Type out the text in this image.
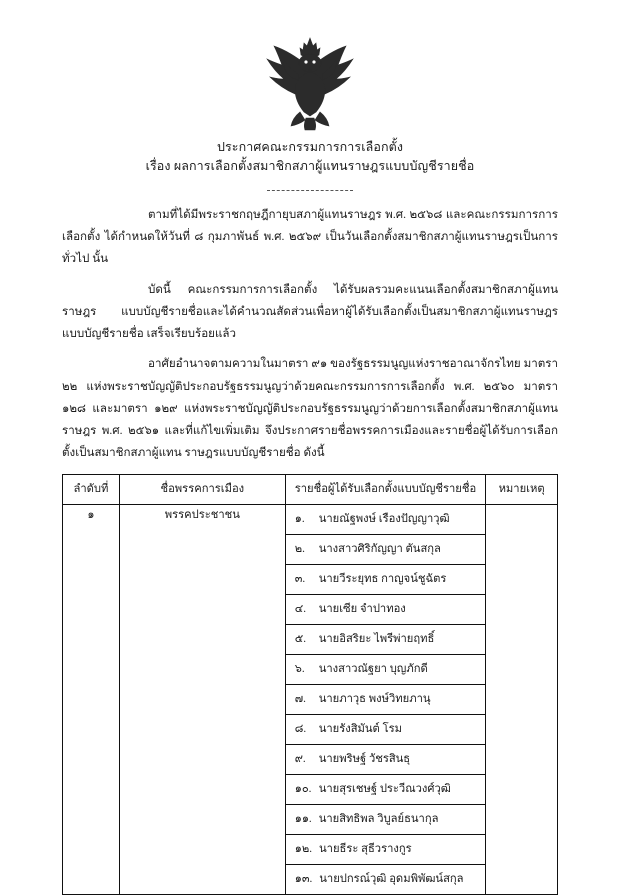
ประกาศคณะกรรมการการเลือกตั้ง
เรื่อง ผลการเลือกตั้งสมาชิกสภาผู้แทนราษฎรแบบบัญชีรายชื่อ

ตามที่ได้มีพระราชกฤษฎีกายุบสภาผู้แทนราษฎร พ.ศ. ๒๕๖๘ และคณะกรรมการการเลือกตั้ง ได้กำหนดให้วันที่ ๘ กุมภาพันธ์ พ.ศ. ๒๕๖๙ เป็นวันเลือกตั้งสมาชิกสภาผู้แทนราษฎรเป็นการทั่วไป นั้น

บัดนี้ คณะกรรมการการเลือกตั้ง ได้รับผลรวมคะแนนเลือกตั้งสมาชิกสภาผู้แทนราษฎร แบบบัญชีรายชื่อและได้คำนวณสัดส่วนเพื่อหาผู้ได้รับเลือกตั้งเป็นสมาชิกสภาผู้แทนราษฎรแบบบัญชีรายชื่อ เสร็จเรียบร้อยแล้ว

อาศัยอำนาจตามความในมาตรา ๙๑ ของรัฐธรรมนูญแห่งราชอาณาจักรไทย มาตรา ๒๒ แห่งพระราชบัญญัติประกอบรัฐธรรมนูญว่าด้วยคณะกรรมการการเลือกตั้ง พ.ศ. ๒๕๖๐ มาตรา ๑๒๘ และมาตรา ๑๒๙ แห่งพระราชบัญญัติประกอบรัฐธรรมนูญว่าด้วยการเลือกตั้งสมาชิกสภาผู้แทนราษฎร พ.ศ. ๒๕๖๑ และที่แก้ไขเพิ่มเติม จึงประกาศรายชื่อพรรคการเมืองและรายชื่อผู้ได้รับการเลือกตั้งเป็นสมาชิกสภาผู้แทน ราษฎรแบบบัญชีรายชื่อ ดังนี้

ลำดับที่	ชื่อพรรคการเมือง	รายชื่อผู้ได้รับเลือกตั้งแบบบัญชีรายชื่อ	หมายเหตุ
๑	พรรคประชาชน	๑. นายณัฐพงษ์ เรืองปัญญาวุฒิ
๒. นางสาวศิริกัญญา ตันสกุล
๓. นายวีระยุทธ กาญจน์ชูฉัตร
๔. นายเซีย จำปาทอง
๕. นายอิสริยะ ไพรีพ่ายฤทธิ์
๖. นางสาวณัฐยา บุญภักดี
๗. นายภาวุธ พงษ์วิทยภานุ
๘. นายรังสิมันต์ โรม
๙. นายพริษฐ์ วัชรสินธุ
๑๐. นายสุรเชษฐ์ ประวีณวงศ์วุฒิ
๑๑. นายสิทธิพล วิบูลย์ธนากุล
๑๒. นายธีระ สุธีวรางกูร
๑๓. นายปกรณ์วุฒิ อุดมพิพัฒน์สกุล
